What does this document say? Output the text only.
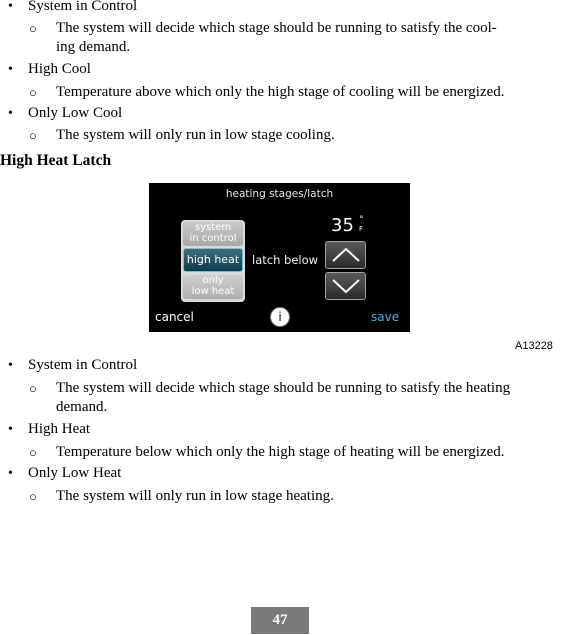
• System in Control
○ The system will decide which stage should be running to satisfy the cool-
ing demand.
• High Cool
○ Temperature above which only the high stage of cooling will be energized.
• Only Low Cool
○ The system will only run in low stage cooling.
High Heat Latch
heating stages/latch
system
in control
high heat
only
low heat
latch below
35 °
F
cancel	i	save
A13228
• System in Control
○ The system will decide which stage should be running to satisfy the heating
demand.
• High Heat
○ Temperature below which only the high stage of heating will be energized.
• Only Low Heat
○ The system will only run in low stage heating.
47
